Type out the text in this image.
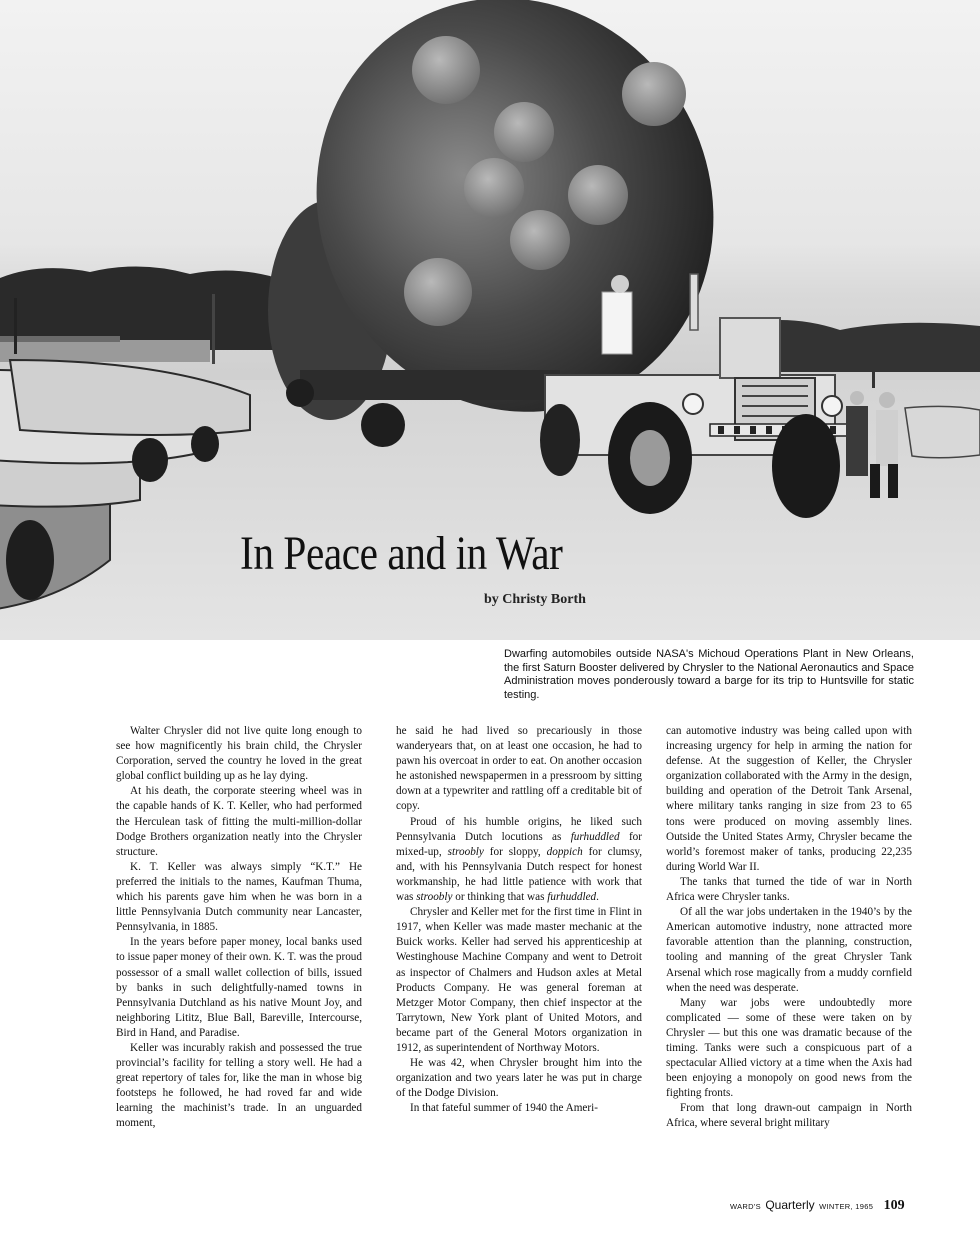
In Peace and in War
by Christy Borth

Dwarfing automobiles outside NASA's Michoud Operations Plant in New Orleans, the first Saturn Booster delivered by Chrysler to the National Aeronautics and Space Administration moves ponderously toward a barge for its trip to Huntsville for static testing.

Walter Chrysler did not live quite long enough to see how magnificently his brain child, the Chrysler Corporation, served the country he loved in the great global conflict building up as he lay dying.

At his death, the corporate steering wheel was in the capable hands of K. T. Keller, who had performed the Herculean task of fitting the multi-million-dollar Dodge Brothers organization neatly into the Chrysler structure.

K. T. Keller was always simply “K.T.” He preferred the initials to the names, Kaufman Thuma, which his parents gave him when he was born in a little Pennsylvania Dutch community near Lancaster, Pennsylvania, in 1885.

In the years before paper money, local banks used to issue paper money of their own. K. T. was the proud possessor of a small wallet collection of bills, issued by banks in such delightfully-named towns in Pennsylvania Dutchland as his native Mount Joy, and neighboring Lititz, Blue Ball, Bareville, Intercourse, Bird in Hand, and Paradise.

Keller was incurably rakish and possessed the true provincial’s facility for telling a story well. He had a great repertory of tales for, like the man in whose big footsteps he followed, he had roved far and wide learning the machinist’s trade. In an unguarded moment,

he said he had lived so precariously in those wanderyears that, on at least one occasion, he had to pawn his overcoat in order to eat. On another occasion he astonished newspapermen in a pressroom by sitting down at a typewriter and rattling off a creditable bit of copy.

Proud of his humble origins, he liked such Pennsylvania Dutch locutions as furhuddled for mixed-up, stroobly for sloppy, doppich for clumsy, and, with his Pennsylvania Dutch respect for honest workmanship, he had little patience with work that was stroobly or thinking that was furhuddled.

Chrysler and Keller met for the first time in Flint in 1917, when Keller was made master mechanic at the Buick works. Keller had served his apprenticeship at Westinghouse Machine Company and went to Detroit as inspector of Chalmers and Hudson axles at Metal Products Company. He was general foreman at Metzger Motor Company, then chief inspector at the Tarrytown, New York plant of United Motors, and became part of the General Motors organization in 1912, as superintendent of Northway Motors.

He was 42, when Chrysler brought him into the organization and two years later he was put in charge of the Dodge Division.

In that fateful summer of 1940 the Ameri-

can automotive industry was being called upon with increasing urgency for help in arming the nation for defense. At the suggestion of Keller, the Chrysler organization collaborated with the Army in the design, building and operation of the Detroit Tank Arsenal, where military tanks ranging in size from 23 to 65 tons were produced on moving assembly lines. Outside the United States Army, Chrysler became the world’s foremost maker of tanks, producing 22,235 during World War II.

The tanks that turned the tide of war in North Africa were Chrysler tanks.

Of all the war jobs undertaken in the 1940’s by the American automotive industry, none attracted more favorable attention than the planning, construction, tooling and manning of the great Chrysler Tank Arsenal which rose magically from a muddy cornfield when the need was desperate.

Many war jobs were undoubtedly more complicated — some of these were taken on by Chrysler — but this one was dramatic because of the timing. Tanks were such a conspicuous part of a spectacular Allied victory at a time when the Axis had been enjoying a monopoly on good news from the fighting fronts.

From that long drawn-out campaign in North Africa, where several bright military

WARD'S Quarterly WINTER, 1965 109
